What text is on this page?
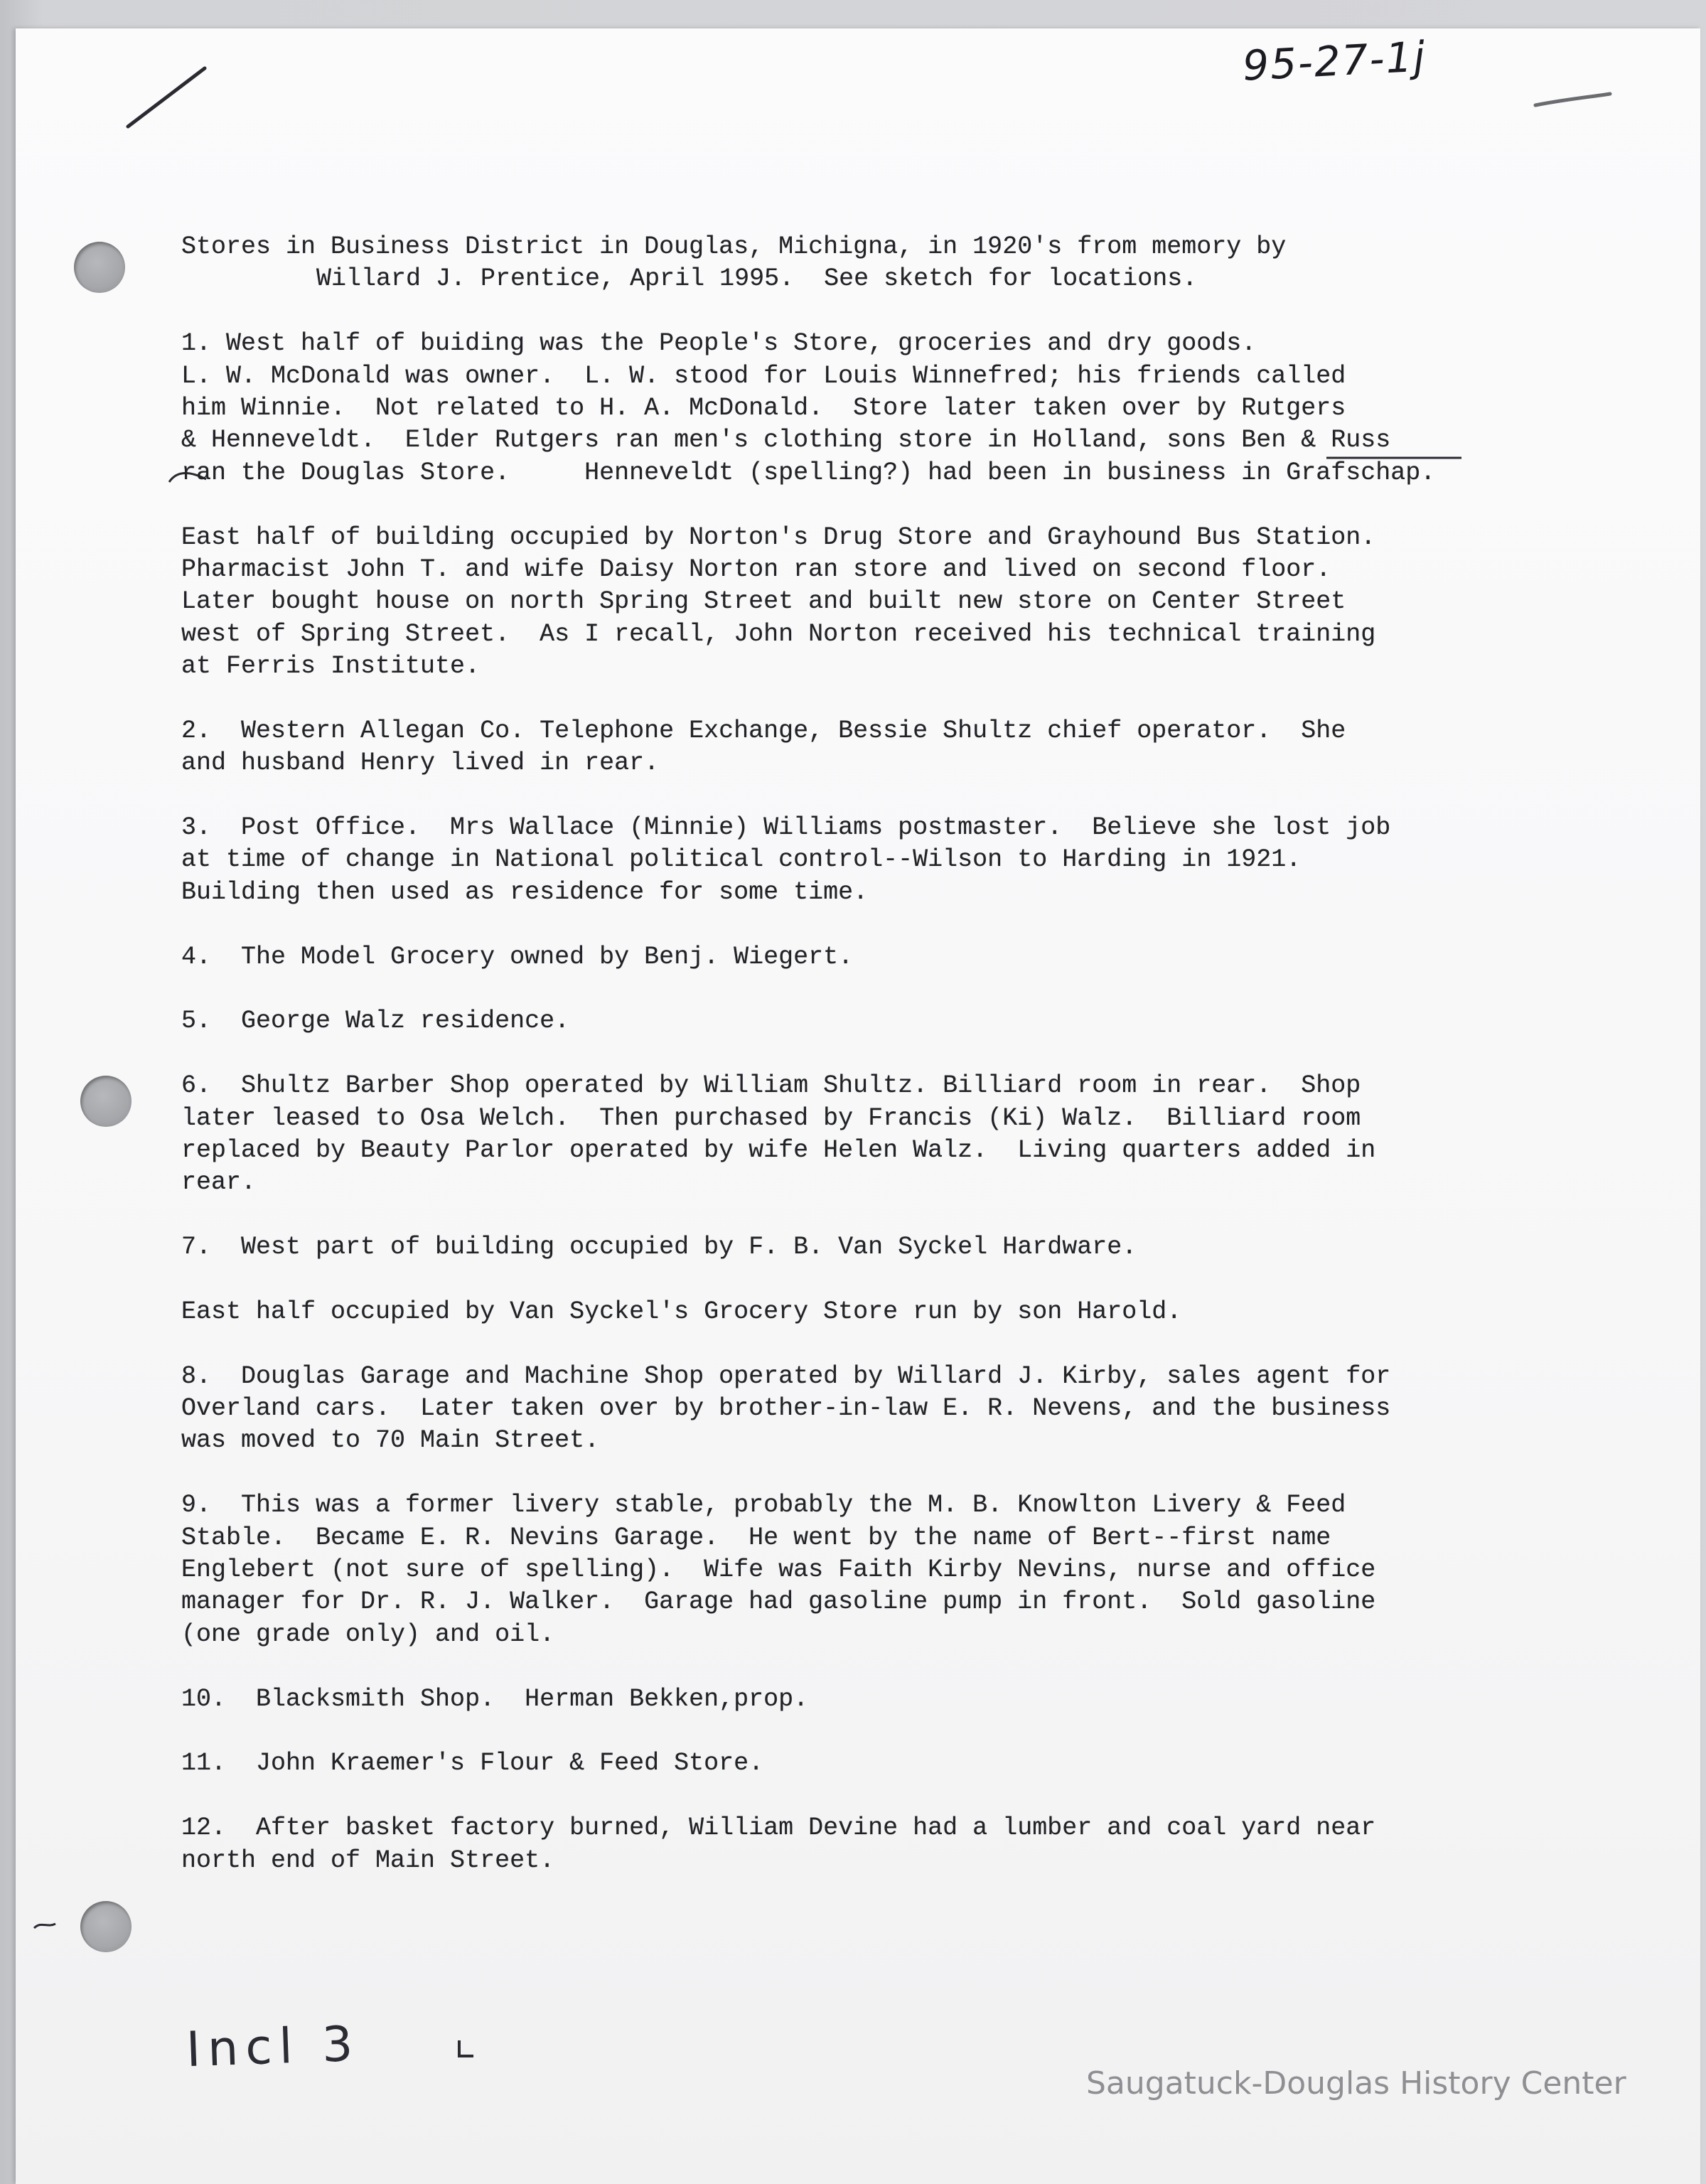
95-27-1j
Stores in Business District in Douglas, Michigna, in 1920's from memory by
Willard J. Prentice, April 1995.  See sketch for locations.
1. West half of buiding was the People's Store, groceries and dry goods.
L. W. McDonald was owner.  L. W. stood for Louis Winnefred; his friends called
him Winnie.  Not related to H. A. McDonald.  Store later taken over by Rutgers
& Henneveldt.  Elder Rutgers ran men's clothing store in Holland, sons Ben & Russ
ran the Douglas Store.     Henneveldt (spelling?) had been in business in Grafschap.
East half of building occupied by Norton's Drug Store and Grayhound Bus Station.
Pharmacist John T. and wife Daisy Norton ran store and lived on second floor.
Later bought house on north Spring Street and built new store on Center Street
west of Spring Street.  As I recall, John Norton received his technical training
at Ferris Institute.
2.  Western Allegan Co. Telephone Exchange, Bessie Shultz chief operator.  She
and husband Henry lived in rear.
3.  Post Office.  Mrs Wallace (Minnie) Williams postmaster.  Believe she lost job
at time of change in National political control--Wilson to Harding in 1921.
Building then used as residence for some time.
4.  The Model Grocery owned by Benj. Wiegert.
5.  George Walz residence.
6.  Shultz Barber Shop operated by William Shultz. Billiard room in rear.  Shop
later leased to Osa Welch.  Then purchased by Francis (Ki) Walz.  Billiard room
replaced by Beauty Parlor operated by wife Helen Walz.  Living quarters added in
rear.
7.  West part of building occupied by F. B. Van Syckel Hardware.
East half occupied by Van Syckel's Grocery Store run by son Harold.
8.  Douglas Garage and Machine Shop operated by Willard J. Kirby, sales agent for
Overland cars.  Later taken over by brother-in-law E. R. Nevens, and the business
was moved to 70 Main Street.
9.  This was a former livery stable, probably the M. B. Knowlton Livery & Feed
Stable.  Became E. R. Nevins Garage.  He went by the name of Bert--first name
Englebert (not sure of spelling).  Wife was Faith Kirby Nevins, nurse and office
manager for Dr. R. J. Walker.  Garage had gasoline pump in front.  Sold gasoline
(one grade only) and oil.
10.  Blacksmith Shop.  Herman Bekken,prop.
11.  John Kraemer's Flour & Feed Store.
12.  After basket factory burned, William Devine had a lumber and coal yard near
north end of Main Street.
Incl 3
Saugatuck-Douglas History Center
